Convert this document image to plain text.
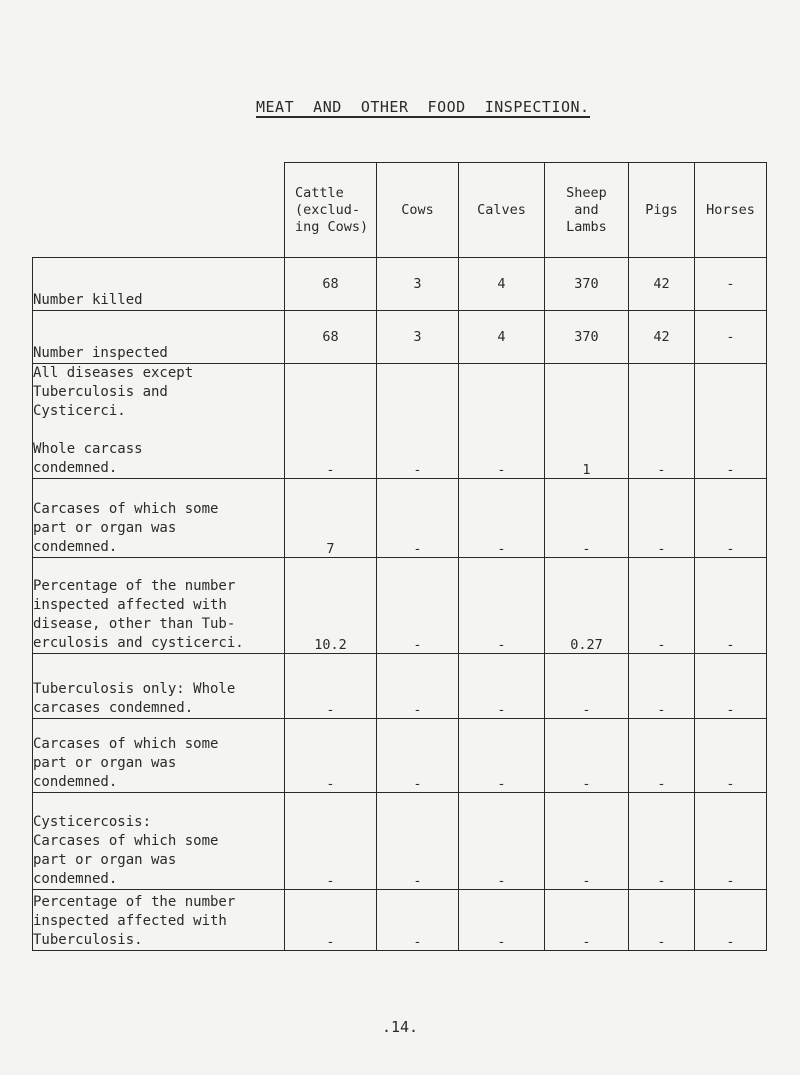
MEAT  AND  OTHER  FOOD  INSPECTION.
	Cattle
(exclud-
ing Cows)	Cows	Calves	Sheep
and
Lambs	Pigs	Horses
Number killed	68	3	4	370	42	-
Number inspected	68	3	4	370	42	-
All diseases except
Tuberculosis and
Cysticerci.

Whole carcass
condemned.	-	-	-	1	-	-
Carcases of which some
part or organ was
condemned.	7	-	-	-	-	-
Percentage of the number
inspected affected with
disease, other than Tub-
erculosis and cysticerci.	10.2	-	-	0.27	-	-
Tuberculosis only: Whole
carcases condemned.	-	-	-	-	-	-
Carcases of which some
part or organ was
condemned.	-	-	-	-	-	-
Cysticercosis:
Carcases of which some
part or organ was
condemned.	-	-	-	-	-	-
Percentage of the number
inspected affected with
Tuberculosis.	-	-	-	-	-	-
.14.
